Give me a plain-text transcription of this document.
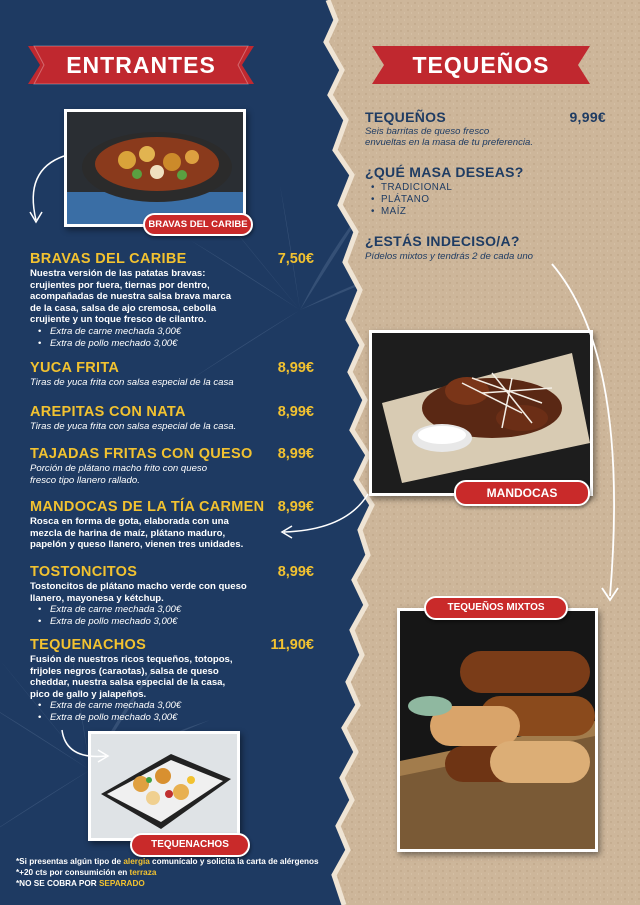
ENTRANTES	TEQUEÑOS
BRAVAS DEL CARIBE
BRAVAS DEL CARIBE	7,50€
Nuestra versión de las patatas bravas:
crujientes por fuera, tiernas por dentro,
acompañadas de nuestra salsa brava marca
de la casa, salsa de ajo cremosa, cebolla
crujiente y un toque fresco de cilantro.
• Extra de carne mechada 3,00€
• Extra de pollo mechado 3,00€
YUCA FRITA	8,99€
Tiras de yuca frita con salsa especial de la casa
AREPITAS CON NATA	8,99€
Tiras de yuca frita con salsa especial de la casa.
TAJADAS FRITAS CON QUESO	8,99€
Porción de plátano macho frito con queso
fresco tipo llanero rallado.
MANDOCAS DE LA TÍA CARMEN 8,99€
Rosca en forma de gota, elaborada con una
mezcla de harina de maíz, plátano maduro,
papelón y queso llanero, vienen tres unidades.
TOSTONCITOS	8,99€
Tostoncitos de plátano macho verde con queso
llanero, mayonesa y kétchup.
• Extra de carne mechada 3,00€
• Extra de pollo mechado 3,00€
TEQUENACHOS	11,90€
Fusión de nuestros ricos tequeños, totopos,
frijoles negros (caraotas), salsa de queso
cheddar, nuestra salsa especial de la casa,
pico de gallo y jalapeños.
• Extra de carne mechada 3,00€
• Extra de pollo mechado 3,00€
TEQUEÑOS	9,99€
Seis barritas de queso fresco
envueltas en la masa de tu preferencia.
¿QUÉ MASA DESEAS?
• TRADICIONAL
• PLÁTANO
• MAÍZ
¿ESTÁS INDECISO/A?
Pídelos mixtos y tendrás 2 de cada uno
MANDOCAS
TEQUEÑOS MIXTOS
TEQUENACHOS
*Si presentas algún tipo de alergia comunícalo y solicita la carta de alérgenos
*+20 cts por consumición en terraza
*NO SE COBRA POR SEPARADO
